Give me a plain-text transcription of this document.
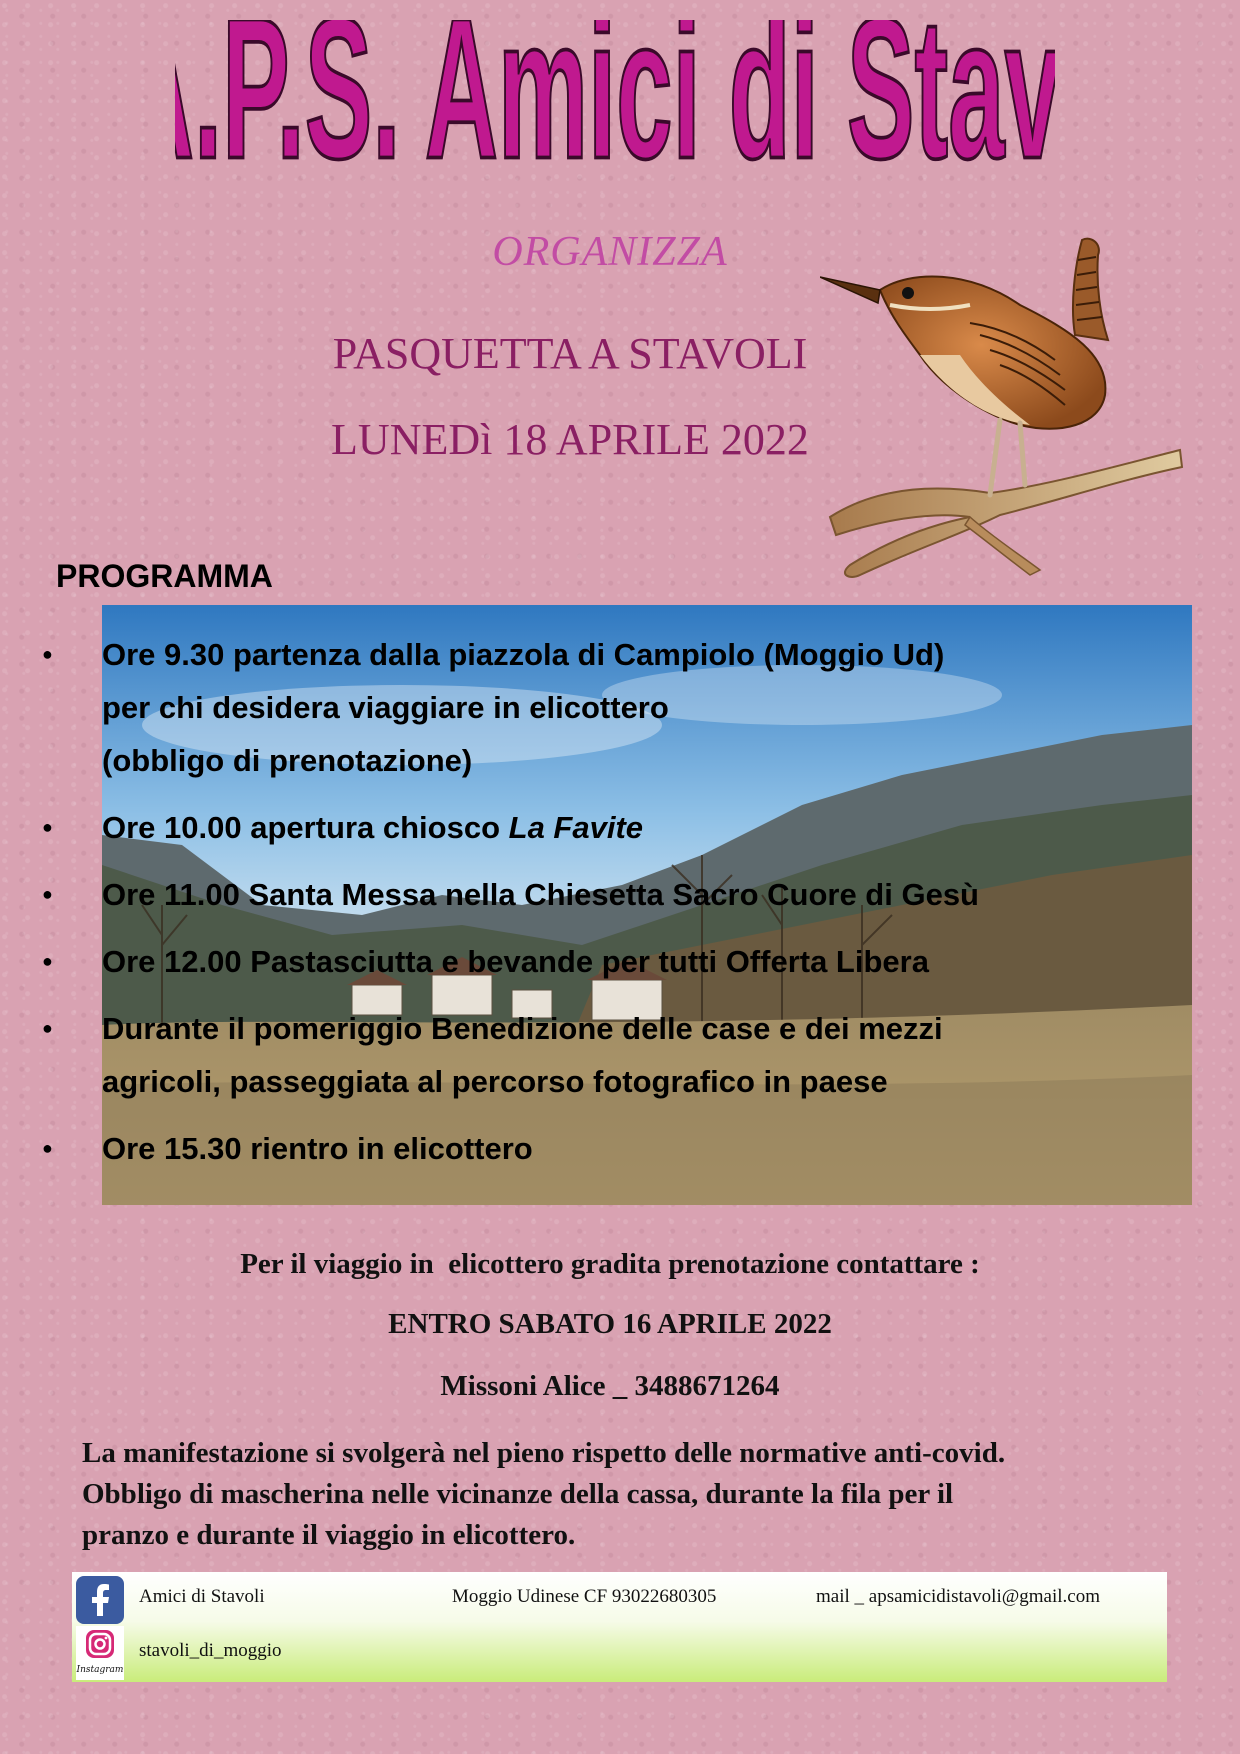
.P.S. Amici di Sta
ORGANIZZA
PASQUETTA A STAVOLI
LUNEDì 18 APRILE 2022
PROGRAMMA
● Ore 9.30 partenza dalla piazzola di Campiolo (Moggio Ud)
per chi desidera viaggiare in elicottero
(obbligo di prenotazione)
● Ore 10.00 apertura chiosco La Favite
● Ore 11.00 Santa Messa nella Chiesetta Sacro Cuore di Gesù
● Ore 12.00 Pastasciutta e bevande per tutti Offerta Libera
● Durante il pomeriggio Benedizione delle case e dei mezzi
agricoli, passeggiata al percorso fotografico in paese
● Ore 15.30 rientro in elicottero
Per il viaggio in  elicottero gradita prenotazione contattare :
ENTRO SABATO 16 APRILE 2022
Missoni Alice _ 3488671264
La manifestazione si svolgerà nel pieno rispetto delle normative anti-covid.
Obbligo di mascherina nelle vicinanze della cassa, durante la fila per il
pranzo e durante il viaggio in elicottero.
Instagram
Amici di Stavoli	Moggio Udinese CF 93022680305	mail _ apsamicidistavoli@gmail.com
stavoli_di_moggio
